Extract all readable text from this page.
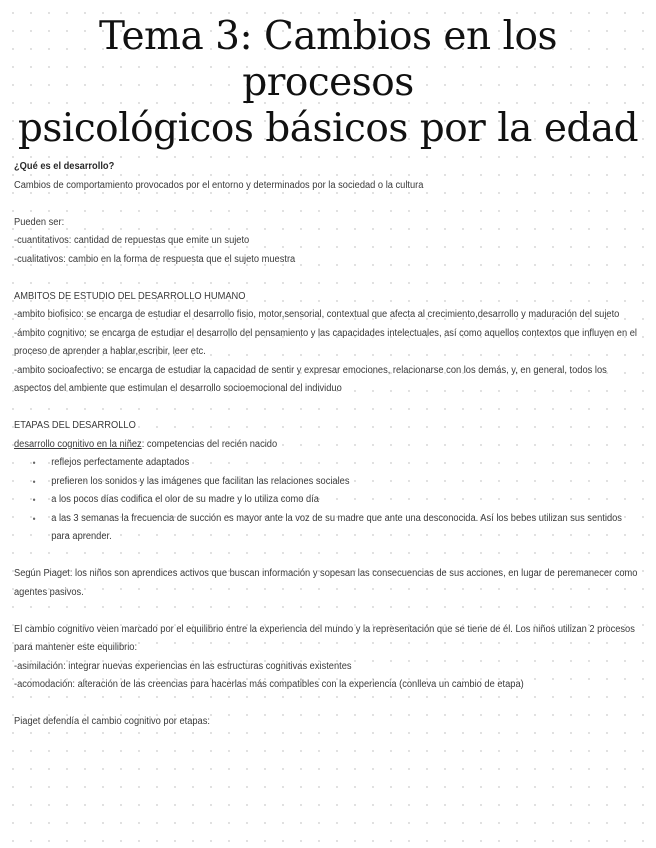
Tema 3: Cambios en los procesos
psicológicos básicos por la edad

¿Qué es el desarrollo?

Cambios de comportamiento provocados por el entorno y determinados por la sociedad o la cultura

Pueden ser:

-cuantitativos: cantidad de repuestas que emite un sujeto

-cualitativos: cambio en la forma de respuesta que el sujeto muestra

AMBITOS DE ESTUDIO DEL DESARROLLO HUMANO

-ambito biofisico: se encarga de estudiar el desarrollo fisio, motor,sensorial, contextual que afecta al crecimiento,desarrollo y maduración del sujeto

-ámbito cognitivo: se encarga de estudiar el desarrollo del pensamiento y las capacidades intelectuales, así como aquellos contextos que influyen en el proceso de aprender a hablar,escribir, leer etc.

-ambito socioafectivo: se encarga de estudiar la capacidad de sentir y expresar emociones, relacionarse con los demás, y, en general, todos los aspectos del ambiente que estimulan el desarrollo socioemocional del individuo

ETAPAS DEL DESARROLLO

desarrollo cognitivo en la niñez: competencias del recién nacido

• reflejos perfectamente adaptados
• prefieren los sonidos y las imágenes que facilitan las relaciones sociales
• a los pocos días codifica el olor de su madre y lo utiliza como día
• a las 3 semanas la frecuencia de succión es mayor ante la voz de su madre que ante una desconocida. Así los bebes utilizan sus sentidos para aprender.

Según Piaget: los niños son aprendices activos que buscan información y sopesan las consecuencias de sus acciones, en lugar de peremanecer como agentes pasivos.

El cambio cognitivo veien marcado por el equilibrio entre la experiencia del mundo y la representación que se tiene de él. Los niños utilizan 2 procesos para mantener este equilibrio:

-asimilación: integrar nuevas experiencias en las estructuras cognitivas existentes

-acomodación: alteración de las creencias para hacerlas más compatibles con la experiencia (conlleva un cambio de etapa)

Piaget defendía el cambio cognitivo por etapas:
